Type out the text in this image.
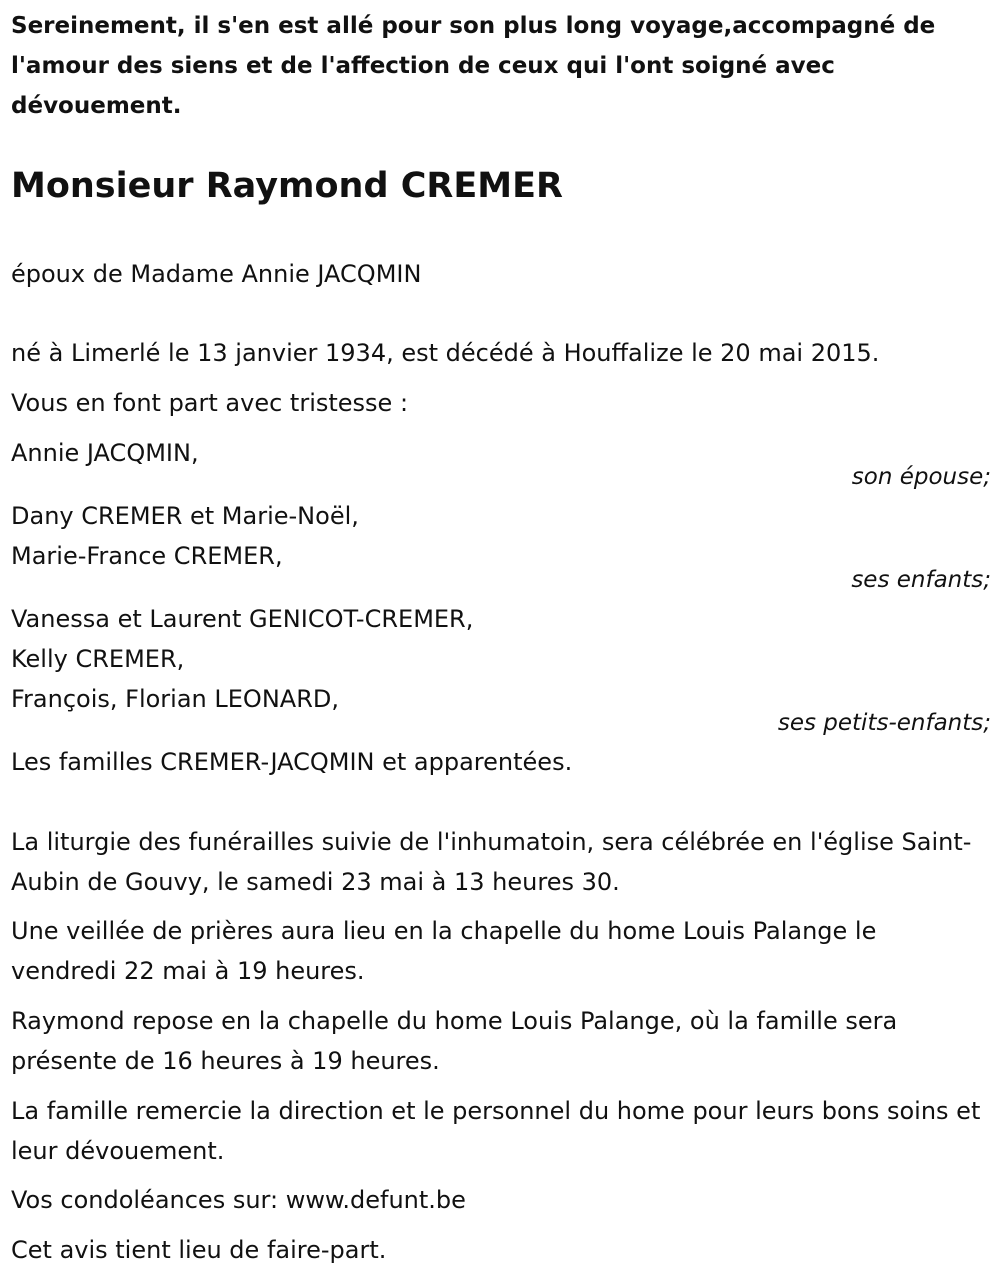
Sereinement, il s'en est allé pour son plus long voyage,accompagné de l'amour des siens et de l'affection de ceux qui l'ont soigné avec dévouement.
Monsieur Raymond CREMER
époux de Madame Annie JACQMIN
né à Limerlé le 13 janvier 1934, est décédé à Houffalize le 20 mai 2015.
Vous en font part avec tristesse :
Annie JACQMIN,
son épouse;
Dany CREMER et Marie-Noël,
Marie-France CREMER,
ses enfants;
Vanessa et Laurent GENICOT-CREMER,
Kelly CREMER,
François, Florian LEONARD,
ses petits-enfants;
Les familles CREMER-JACQMIN et apparentées.
La liturgie des funérailles suivie de l'inhumatoin, sera célébrée en l'église Saint-Aubin de Gouvy, le samedi 23 mai à 13 heures 30.
Une veillée de prières aura lieu en la chapelle du home Louis Palange le vendredi 22 mai à 19 heures.
Raymond repose en la chapelle du home Louis Palange, où la famille sera présente de 16 heures à 19 heures.
La famille remercie la direction et le personnel du home pour leurs bons soins et leur dévouement.
Vos condoléances sur: www.defunt.be
Cet avis tient lieu de faire-part.
